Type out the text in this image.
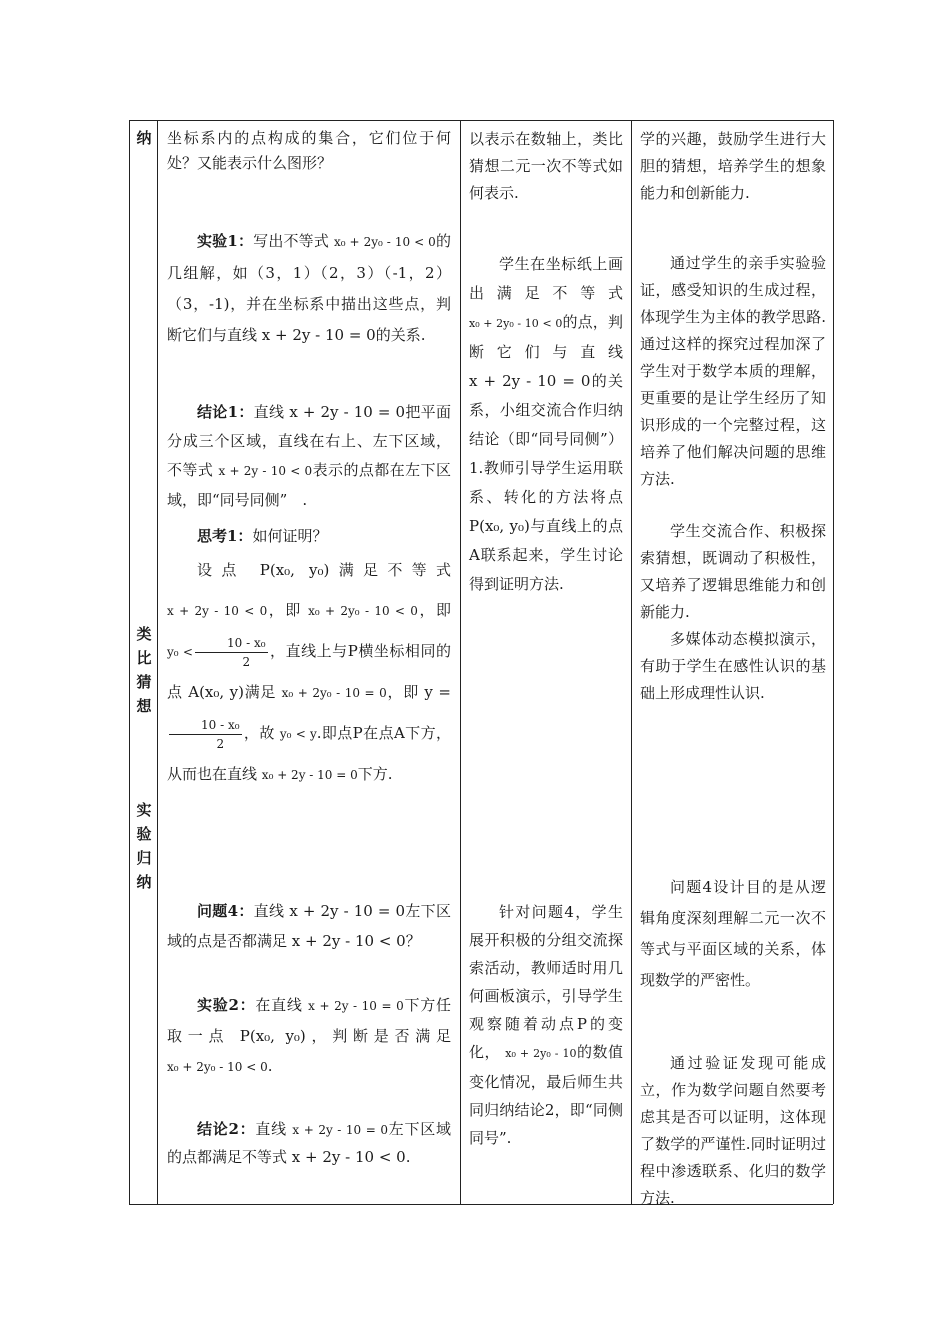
纳
类
比
猜
想
实
验
归
纳

坐标系内的点构成的集合，它们位于何处？又能表示什么图形？

实验1：写出不等式 x₀ + 2y₀ - 10 < 0的几组解，如（3，1）（2，3）（-1，2）（3，-1)，并在坐标系中描出这些点，判断它们与直线 x + 2y - 10 = 0的关系.

结论1：直线 x + 2y - 10 = 0把平面分成三个区域，直线在右上、左下区域，不等式 x + 2y - 10 < 0表示的点都在左下区域，即“同号同侧”　.

思考1：如何证明？

设点 P(x₀, y₀)满足不等式 x + 2y - 10 < 0，即 x₀ + 2y₀ - 10 < 0，即 $y_0 < \frac{\text{10 - x₀}}{2}$ ，直线上与P横坐标相同的点 A(x₀, y)满足 x₀ + 2y₀ - 10 = 0，即 y =
$\frac{\text{10 - x₀}}{2}$ ，故 y₀ < y.即点P在点A下方，从而也在直线 x₀ + 2y - 10 = 0下方.

问题4：直线 x + 2y - 10 = 0左下区域的点是否都满足 x + 2y - 10 < 0？

实验2：在直线 x + 2y - 10 = 0下方任取一点 P(x₀, y₀)，判断是否满足 x₀ + 2y₀ - 10 < 0.

结论2：直线 x + 2y - 10 = 0左下区域的点都满足不等式 x + 2y - 10 < 0.

以表示在数轴上，类比猜想二元一次不等式如何表示.

学生在坐标纸上画出满足不等式 x₀ + 2y₀ - 10 < 0的点，判断它们与直线 x + 2y - 10 = 0的关系，小组交流合作归纳结论（即“同号同侧”）1.教师引导学生运用联系、转化的方法将点 P(x₀, y₀)与直线上的点A联系起来，学生讨论得到证明方法.

针对问题4，学生展开积极的分组交流探索活动，教师适时用几何画板演示，引导学生观察随着动点P的变化， x₀ + 2y₀ - 10的数值变化情况，最后师生共同归纳结论2，即“同侧同号”.

学的兴趣，鼓励学生进行大胆的猜想，培养学生的想象能力和创新能力.

通过学生的亲手实验验证，感受知识的生成过程，体现学生为主体的教学思路.通过这样的探究过程加深了学生对于数学本质的理解，更重要的是让学生经历了知识形成的一个完整过程，这培养了他们解决问题的思维方法.

学生交流合作、积极探索猜想，既调动了积极性，又培养了逻辑思维能力和创新能力.

多媒体动态模拟演示，有助于学生在感性认识的基础上形成理性认识.

问题4设计目的是从逻辑角度深刻理解二元一次不等式与平面区域的关系，体现数学的严密性。

通过验证发现可能成立，作为数学问题自然要考虑其是否可以证明，这体现了数学的严谨性.同时证明过程中渗透联系、化归的数学方法.
